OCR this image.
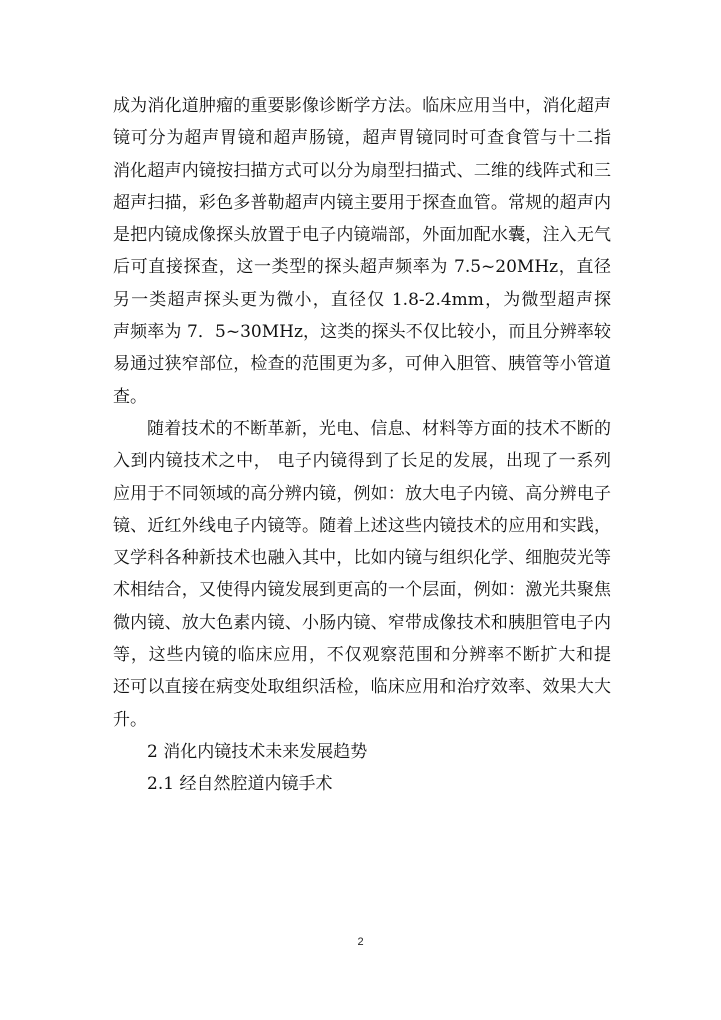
成为消化道肿瘤的重要影像诊断学方法。临床应用当中，消化超声
镜可分为超声胃镜和超声肠镜，超声胃镜同时可查食管与十二指
消化超声内镜按扫描方式可以分为扇型扫描式、二维的线阵式和三
超声扫描，彩色多普勒超声内镜主要用于探查血管。常规的超声内
是把内镜成像探头放置于电子内镜端部，外面加配水囊，注入无气
后可直接探查，这一类型的探头超声频率为 7.5~20MHz，直径
另一类超声探头更为微小，直径仅 1.8-2.4mm，为微型超声探
声频率为 7．5~30MHz，这类的探头不仅比较小，而且分辨率较
易通过狭窄部位，检查的范围更为多，可伸入胆管、胰管等小管道
查。
随着技术的不断革新，光电、信息、材料等方面的技术不断的
入到内镜技术之中， 电子内镜得到了长足的发展，出现了一系列
应用于不同领域的高分辨内镜，例如：放大电子内镜、高分辨电子
镜、近红外线电子内镜等。随着上述这些内镜技术的应用和实践，
叉学科各种新技术也融入其中，比如内镜与组织化学、细胞荧光等
术相结合，又使得内镜发展到更高的一个层面，例如：激光共聚焦
微内镜、放大色素内镜、小肠内镜、窄带成像技术和胰胆管电子内
等，这些内镜的临床应用，不仅观察范围和分辨率不断扩大和提
还可以直接在病变处取组织活检，临床应用和治疗效率、效果大大
升。
2 消化内镜技术未来发展趋势
2.1 经自然腔道内镜手术
2
